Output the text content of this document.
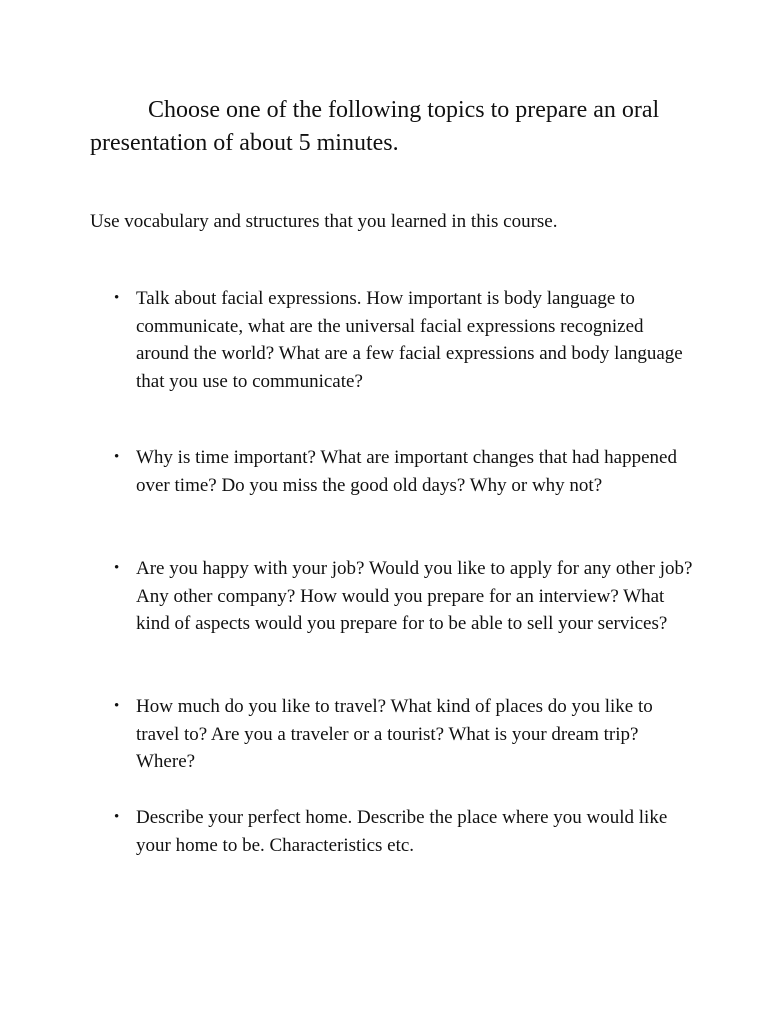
Choose one of the following topics to prepare an oral presentation of about 5 minutes.

Use vocabulary and structures that you learned in this course.

• Talk about facial expressions. How important is body language to communicate, what are the universal facial expressions recognized around the world? What are a few facial expressions and body language that you use to communicate?
• Why is time important? What are important changes that had happened over time? Do you miss the good old days? Why or why not?
• Are you happy with your job? Would you like to apply for any other job? Any other company? How would you prepare for an interview? What kind of aspects would you prepare for to be able to sell your services?
• How much do you like to travel? What kind of places do you like to travel to? Are you a traveler or a tourist? What is your dream trip? Where?
• Describe your perfect home. Describe the place where you would like your home to be. Characteristics etc.
